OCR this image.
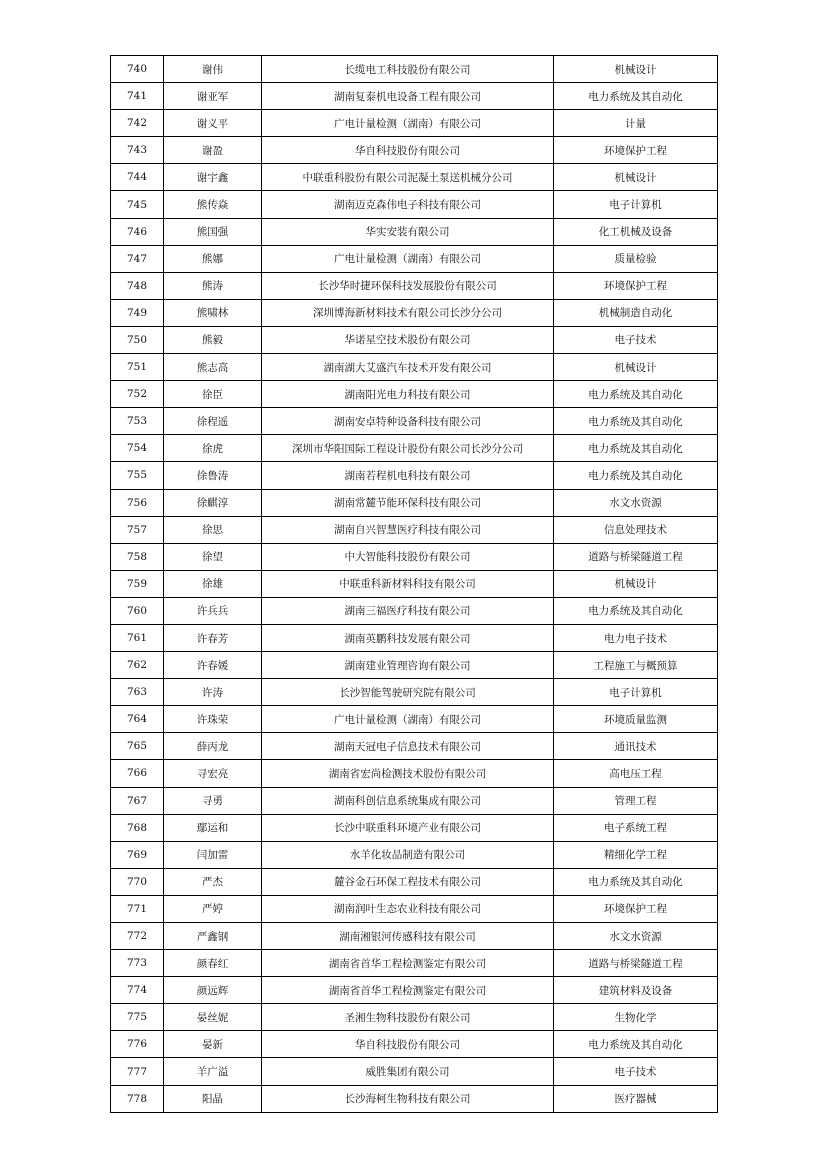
740	谢伟	长缆电工科技股份有限公司	机械设计
741	谢亚军	湖南复泰机电设备工程有限公司	电力系统及其自动化
742	谢义平	广电计量检测（湖南）有限公司	计量
743	谢盈	华自科技股份有限公司	环境保护工程
744	谢宇鑫	中联重科股份有限公司泥凝土泵送机械分公司	机械设计
745	熊传焱	湖南迈克森伟电子科技有限公司	电子计算机
746	熊国强	华实安装有限公司	化工机械及设备
747	熊娜	广电计量检测（湖南）有限公司	质量检验
748	熊涛	长沙华时捷环保科技发展股份有限公司	环境保护工程
749	熊啸林	深圳博海新材料技术有限公司长沙分公司	机械制造自动化
750	熊毅	华诺星空技术股份有限公司	电子技术
751	熊志高	湖南湖大艾盛汽车技术开发有限公司	机械设计
752	徐臣	湖南阳光电力科技有限公司	电力系统及其自动化
753	徐程遥	湖南安卓特种设备科技有限公司	电力系统及其自动化
754	徐虎	深圳市华阳国际工程设计股份有限公司长沙分公司	电力系统及其自动化
755	徐鲁涛	湖南若程机电科技有限公司	电力系统及其自动化
756	徐麒淳	湖南常麓节能环保科技有限公司	水文水资源
757	徐思	湖南自兴智慧医疗科技有限公司	信息处理技术
758	徐望	中大智能科技股份有限公司	道路与桥梁隧道工程
759	徐雄	中联重科新材料科技有限公司	机械设计
760	许兵兵	湖南三福医疗科技有限公司	电力系统及其自动化
761	许春芳	湖南英鹏科技发展有限公司	电力电子技术
762	许春媛	湖南建业管理咨询有限公司	工程施工与概预算
763	许涛	长沙智能驾驶研究院有限公司	电子计算机
764	许珠荣	广电计量检测（湖南）有限公司	环境质量监测
765	薛丙龙	湖南天冠电子信息技术有限公司	通讯技术
766	寻宏亮	湖南省宏尚检测技术股份有限公司	高电压工程
767	寻勇	湖南科创信息系统集成有限公司	管理工程
768	鄢运和	长沙中联重科环境产业有限公司	电子系统工程
769	闫加雷	水羊化妆品制造有限公司	精细化学工程
770	严杰	麓谷金石环保工程技术有限公司	电力系统及其自动化
771	严婷	湖南润叶生态农业科技有限公司	环境保护工程
772	严鑫钢	湖南湘银河传感科技有限公司	水文水资源
773	颜春红	湖南省首华工程检测鉴定有限公司	道路与桥梁隧道工程
774	颜远辉	湖南省首华工程检测鉴定有限公司	建筑材料及设备
775	晏丝妮	圣湘生物科技股份有限公司	生物化学
776	晏新	华自科技股份有限公司	电力系统及其自动化
777	羊广溢	威胜集团有限公司	电子技术
778	阳晶	长沙海柯生物科技有限公司	医疗器械
